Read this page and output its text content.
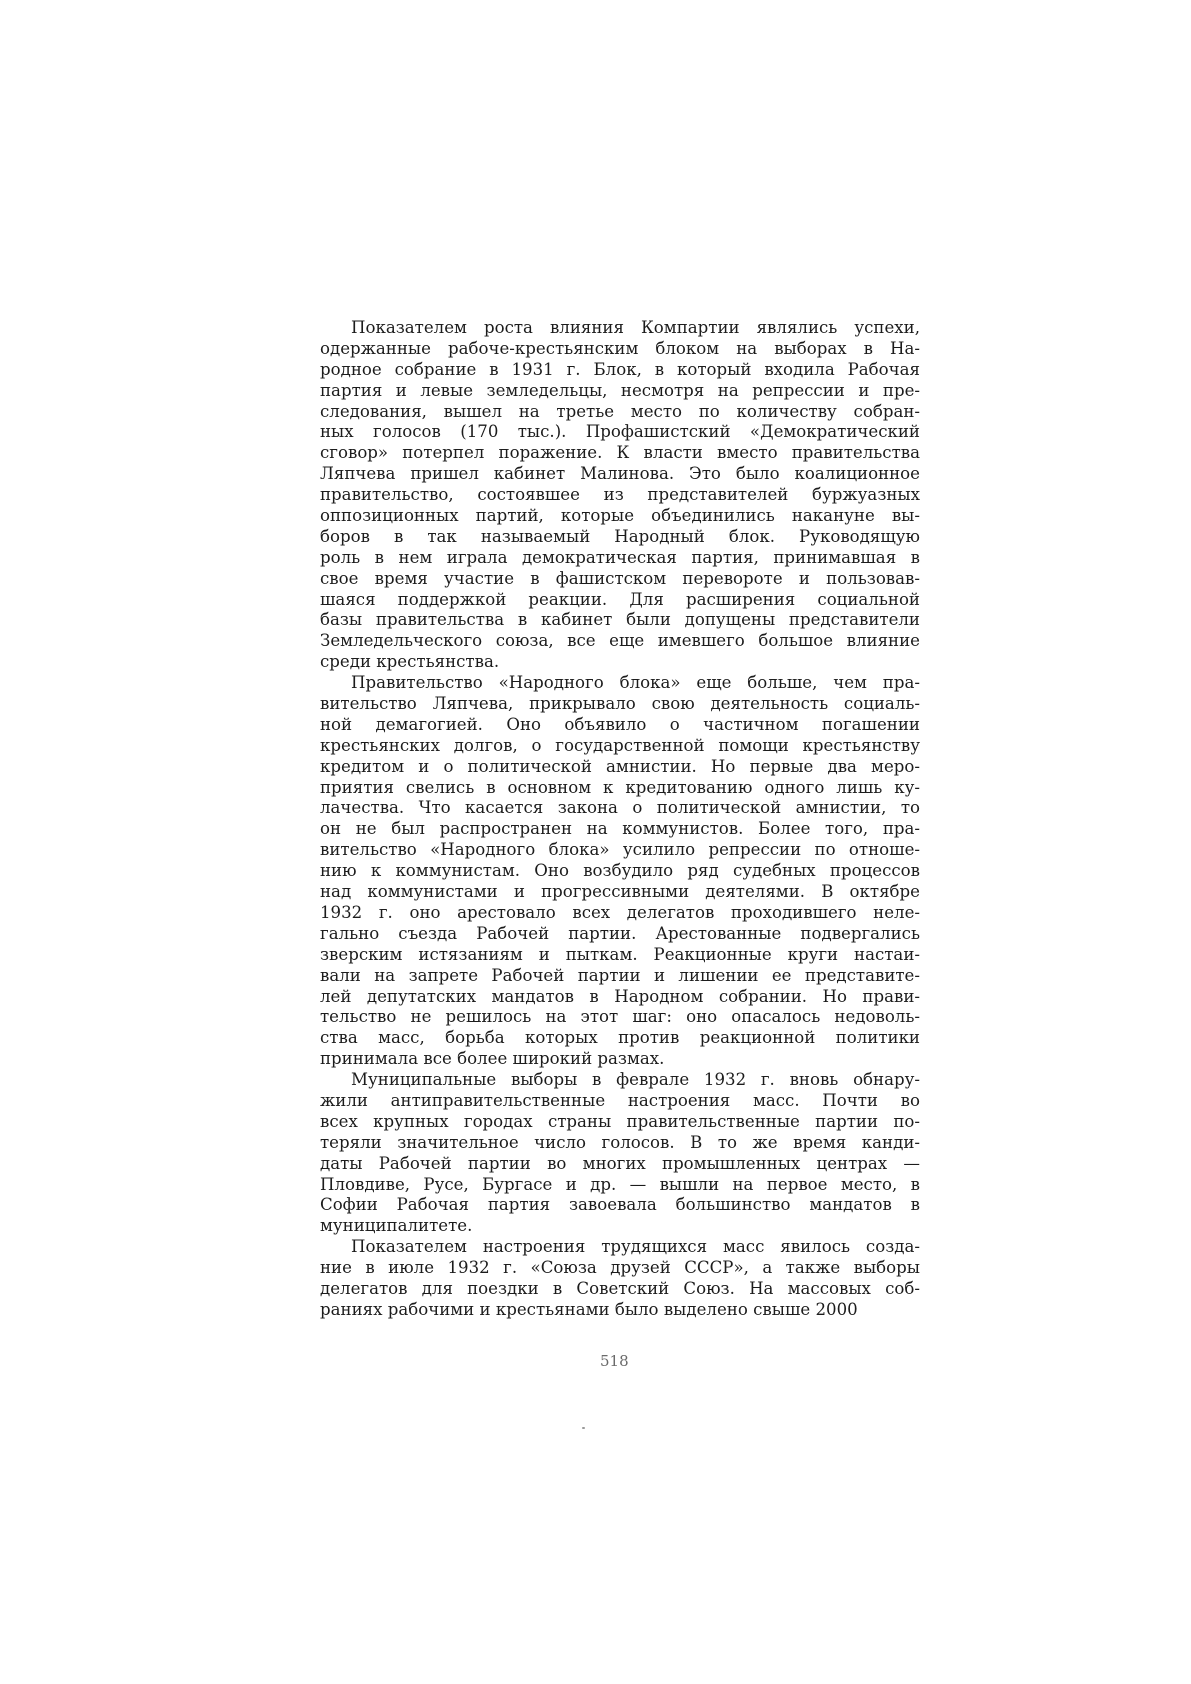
Показателем роста влияния Компартии являлись успехи,
одержанные рабоче-крестьянским блоком на выборах в На-
родное собрание в 1931 г. Блок, в который входила Рабочая
партия и левые земледельцы, несмотря на репрессии и пре-
следования, вышел на третье место по количеству собран-
ных голосов (170 тыс.). Профашистский «Демократический
сговор» потерпел поражение. К власти вместо правительства
Ляпчева пришел кабинет Малинова. Это было коалиционное
правительство, состоявшее из представителей буржуазных
оппозиционных партий, которые объединились накануне вы-
боров в так называемый Народный блок. Руководящую
роль в нем играла демократическая партия, принимавшая в
свое время участие в фашистском перевороте и пользовав-
шаяся поддержкой реакции. Для расширения социальной
базы правительства в кабинет были допущены представители
Земледельческого союза, все еще имевшего большое влияние
среди крестьянства.
Правительство «Народного блока» еще больше, чем пра-
вительство Ляпчева, прикрывало свою деятельность социаль-
ной демагогией. Оно объявило о частичном погашении
крестьянских долгов, о государственной помощи крестьянству
кредитом и о политической амнистии. Но первые два меро-
приятия свелись в основном к кредитованию одного лишь ку-
лачества. Что касается закона о политической амнистии, то
он не был распространен на коммунистов. Более того, пра-
вительство «Народного блока» усилило репрессии по отноше-
нию к коммунистам. Оно возбудило ряд судебных процессов
над коммунистами и прогрессивными деятелями. В октябре
1932 г. оно арестовало всех делегатов проходившего неле-
гально съезда Рабочей партии. Арестованные подвергались
зверским истязаниям и пыткам. Реакционные круги настаи-
вали на запрете Рабочей партии и лишении ее представите-
лей депутатских мандатов в Народном собрании. Но прави-
тельство не решилось на этот шаг: оно опасалось недоволь-
ства масс, борьба которых против реакционной политики
принимала все более широкий размах.
Муниципальные выборы в феврале 1932 г. вновь обнару-
жили антиправительственные настроения масс. Почти во
всех крупных городах страны правительственные партии по-
теряли значительное число голосов. В то же время канди-
даты Рабочей партии во многих промышленных центрах —
Пловдиве, Русе, Бургасе и др. — вышли на первое место, в
Софии Рабочая партия завоевала большинство мандатов в
муниципалитете.
Показателем настроения трудящихся масс явилось созда-
ние в июле 1932 г. «Союза друзей СССР», а также выборы
делегатов для поездки в Советский Союз. На массовых соб-
раниях рабочими и крестьянами было выделено свыше 2000
518
